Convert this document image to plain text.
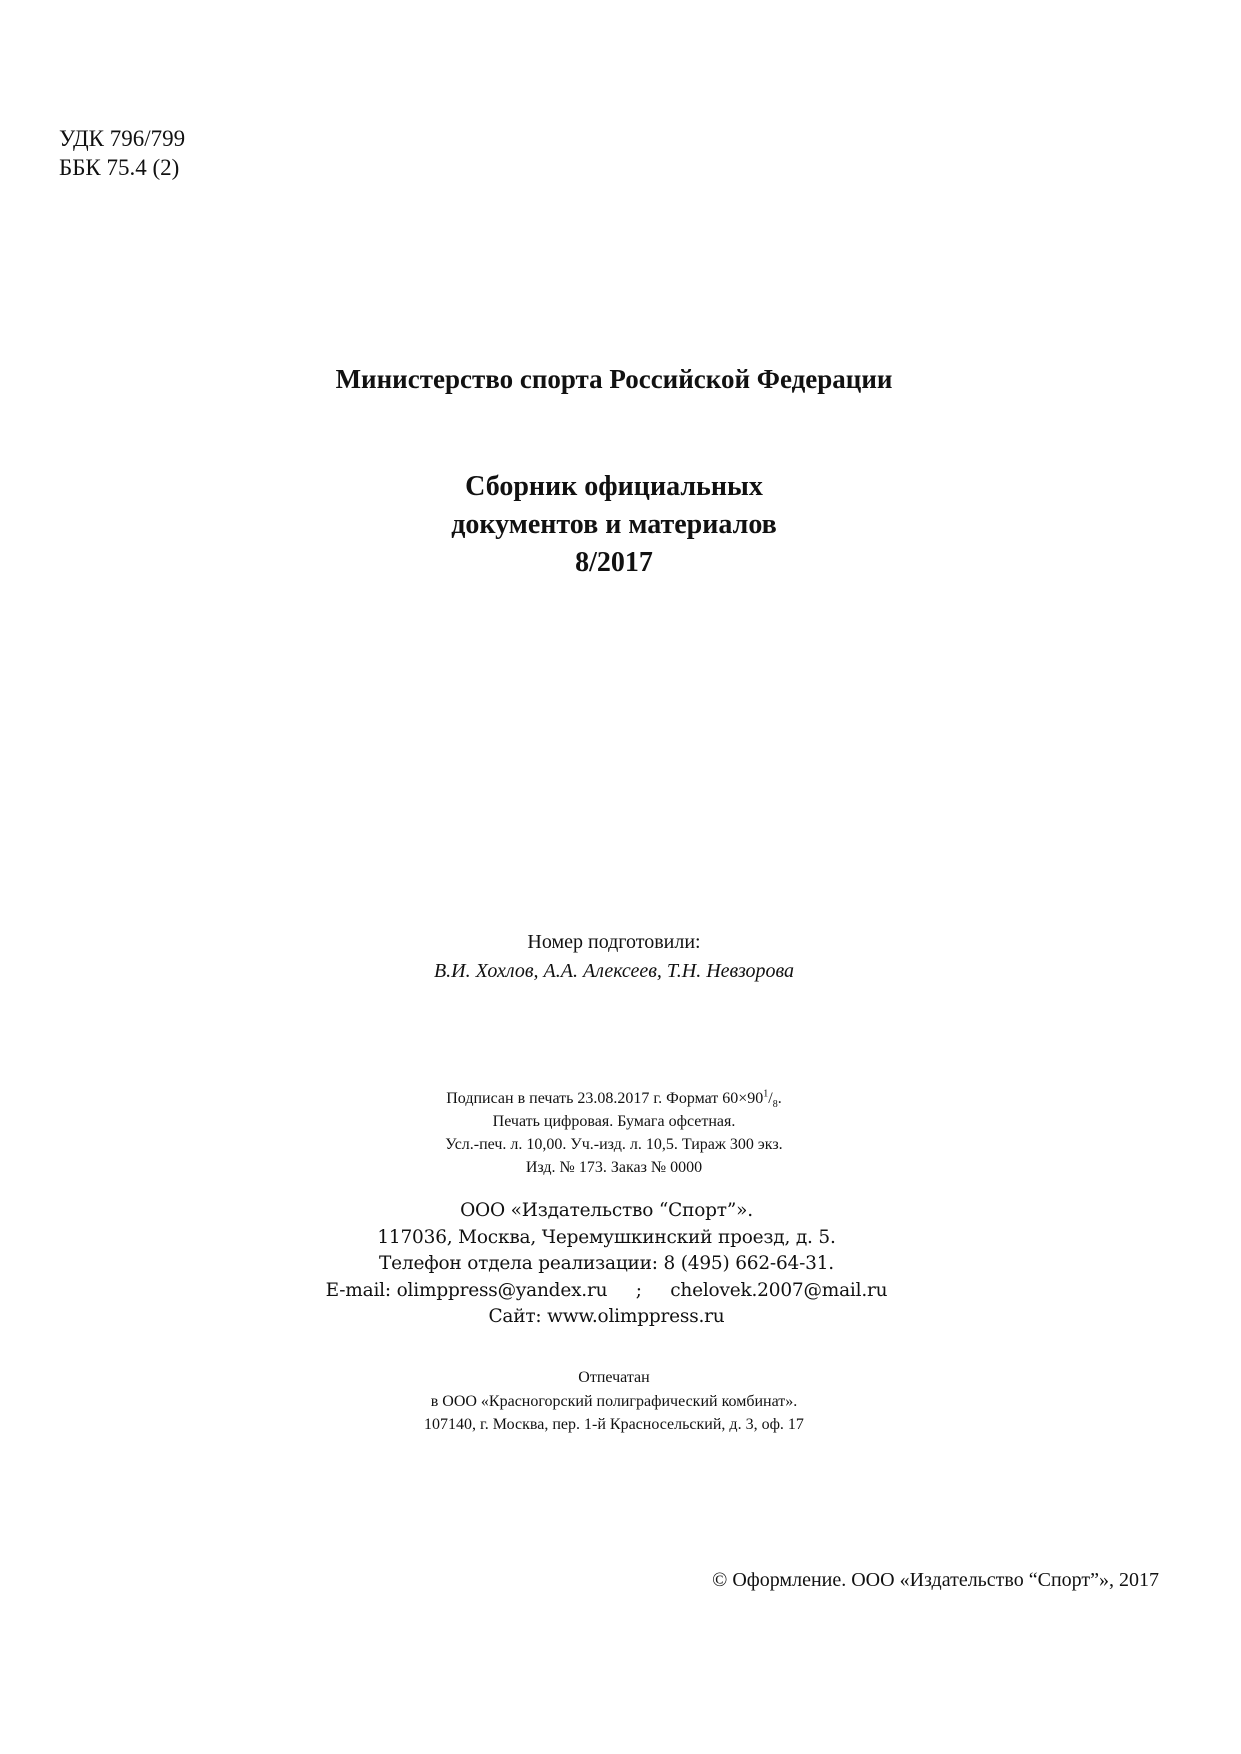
УДК 796/799
ББК 75.4 (2)
Министерство спорта Российской Федерации
Сборник официальных
документов и материалов
8/2017
Номер подготовили:
В.И. Хохлов, А.А. Алексеев, Т.Н. Невзорова
Подписан в печать 23.08.2017 г. Формат $60\times 90^1/_8$.
Печать цифровая. Бумага офсетная.
Усл.-печ. л. 10,00. Уч.-изд. л. 10,5. Тираж 300 экз.
Изд. № 173. Заказ № 0000
ООО «Издательство “Спорт”».
117036, Москва, Черемушкинский проезд, д. 5.
Телефон отдела реализации: 8 (495) 662-64-31.
E-mail: olimppress@yandex.ru     ;     chelovek.2007@mail.ru
Сайт: www.olimppress.ru
Отпечатан
в ООО «Красногорский полиграфический комбинат».
107140, г. Москва, пер. 1-й Красносельский, д. 3, оф. 17
© Оформление. ООО «Издательство “Спорт”», 2017
